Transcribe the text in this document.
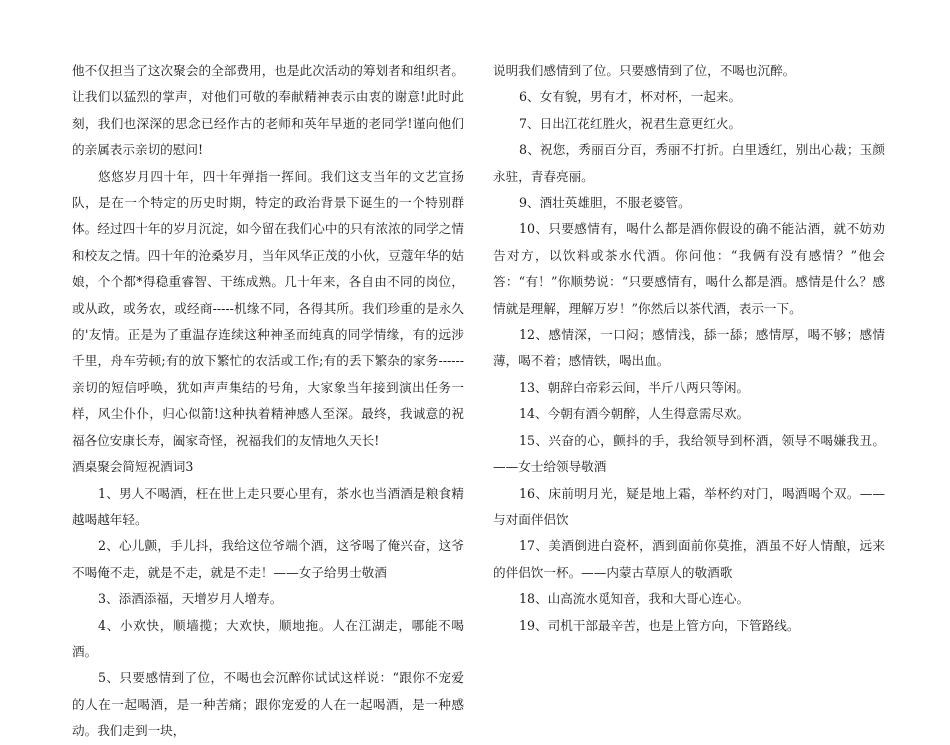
他不仅担当了这次聚会的全部费用，也是此次活动的筹划者和组织者。让我们以猛烈的掌声，对他们可敬的奉献精神表示由衷的谢意!此时此刻，我们也深深的思念已经作古的老师和英年早逝的老同学!谨向他们的亲属表示亲切的慰问!

悠悠岁月四十年，四十年弹指一挥间。我们这支当年的文艺宣扬队，是在一个特定的历史时期，特定的政治背景下诞生的一个特别群体。经过四十年的岁月沉淀，如今留在我们心中的只有浓浓的同学之情和校友之情。四十年的沧桑岁月，当年风华正茂的小伙，豆蔻年华的姑娘，个个都*得稳重睿智、干练成熟。几十年来，各自由不同的岗位，或从政，或务农，或经商-----机缘不同，各得其所。我们珍重的是永久的'友情。正是为了重温存连续这种神圣而纯真的同学情缘，有的远涉千里，舟车劳顿;有的放下繁忙的农活或工作;有的丢下繁杂的家务------亲切的短信呼唤，犹如声声集结的号角，大家象当年接到演出任务一样，风尘仆仆，归心似箭!这种执着精神感人至深。最终，我诚意的祝福各位安康长寿，阖家奇怪，祝福我们的友情地久天长!

酒桌聚会简短祝酒词3

1、男人不喝酒，枉在世上走只要心里有，茶水也当酒酒是粮食精越喝越年轻。

2、心儿颤，手儿抖，我给这位爷端个酒，这爷喝了俺兴奋，这爷不喝俺不走，就是不走，就是不走！——女子给男士敬酒

3、添酒添福，天增岁月人增寿。

4、小欢快，顺墙揽；大欢快，顺地拖。人在江湖走，哪能不喝酒。

5、只要感情到了位，不喝也会沉醉你试试这样说：“跟你不宠爱的人在一起喝酒，是一种苦痛；跟你宠爱的人在一起喝酒，是一种感动。我们走到一块，

说明我们感情到了位。只要感情到了位，不喝也沉醉。

6、女有貌，男有才，杯对杯，一起来。

7、日出江花红胜火，祝君生意更红火。

8、祝您，秀丽百分百，秀丽不打折。白里透红，别出心裁；玉颜永驻，青春亮丽。

9、酒壮英雄胆，不服老婆管。

10、只要感情有，喝什么都是酒你假设的确不能沾酒，就不妨劝告对方，以饮料或茶水代酒。你问他：“我俩有没有感情？”他会答：“有！”你顺势说：“只要感情有，喝什么都是酒。感情是什么？感情就是理解，理解万岁！”你然后以茶代酒，表示一下。

12、感情深，一口闷；感情浅，舔一舔；感情厚，喝不够；感情薄，喝不着；感情铁，喝出血。

13、朝辞白帝彩云间，半斤八两只等闲。

14、今朝有酒今朝醉，人生得意需尽欢。

15、兴奋的心，颤抖的手，我给领导到杯酒，领导不喝嫌我丑。——女士给领导敬酒

16、床前明月光，疑是地上霜，举杯约对门，喝酒喝个双。——与对面伴侣饮

17、美酒倒进白瓷杯，酒到面前你莫推，酒虽不好人情酿，远来的伴侣饮一杯。——内蒙古草原人的敬酒歌

18、山高流水觅知音，我和大哥心连心。

19、司机干部最辛苦，也是上管方向，下管路线。
